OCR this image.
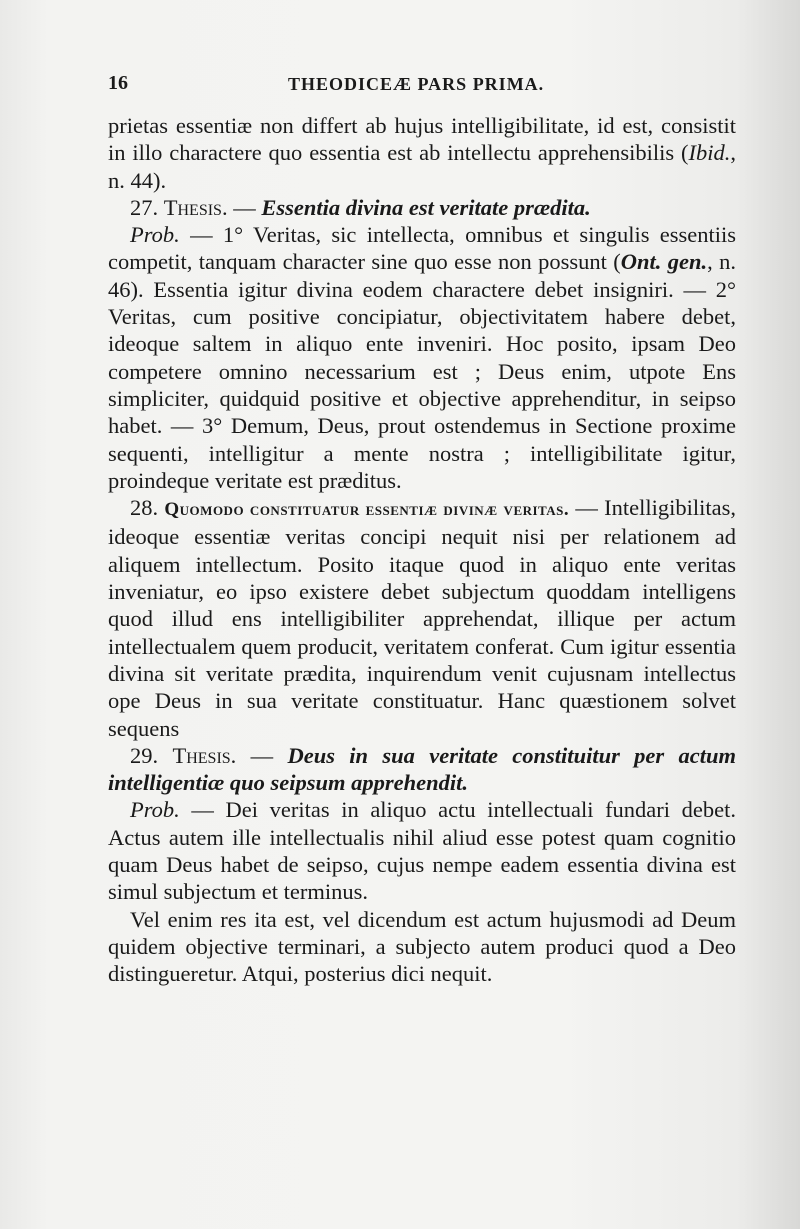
16	THEODICEÆ PARS PRIMA.

prietas essentiæ non differt ab hujus intelligibilitate, id est, consistit in illo charactere quo essentia est ab intellectu apprehensibilis (Ibid., n. 44).

27. Thesis. — Essentia divina est veritate prædita.

Prob. — 1° Veritas, sic intellecta, omnibus et singulis essentiis competit, tanquam character sine quo esse non possunt (Ont. gen., n. 46). Essentia igitur divina eodem charactere debet insigniri. — 2° Veritas, cum positive concipiatur, objectivitatem habere debet, ideoque saltem in aliquo ente inveniri. Hoc posito, ipsam Deo competere omnino necessarium est ; Deus enim, utpote Ens simpliciter, quidquid positive et objective apprehenditur, in seipso habet. — 3° Demum, Deus, prout ostendemus in Sectione proxime sequenti, intelligitur a mente nostra ; intelligibilitate igitur, proindeque veritate est præditus.

28. Quomodo constituatur essentiæ divinæ veritas. — Intelligibilitas, ideoque essentiæ veritas concipi nequit nisi per relationem ad aliquem intellectum. Posito itaque quod in aliquo ente veritas inveniatur, eo ipso existere debet subjectum quoddam intelligens quod illud ens intelligibiliter apprehendat, illique per actum intellectualem quem producit, veritatem conferat. Cum igitur essentia divina sit veritate prædita, inquirendum venit cujusnam intellectus ope Deus in sua veritate constituatur. Hanc quæstionem solvet sequens

29. Thesis. — Deus in sua veritate constituitur per actum intelligentiæ quo seipsum apprehendit.

Prob. — Dei veritas in aliquo actu intellectuali fundari debet. Actus autem ille intellectualis nihil aliud esse potest quam cognitio quam Deus habet de seipso, cujus nempe eadem essentia divina est simul subjectum et terminus.

Vel enim res ita est, vel dicendum est actum hujusmodi ad Deum quidem objective terminari, a subjecto autem produci quod a Deo distingueretur. Atqui, posterius dici nequit.
